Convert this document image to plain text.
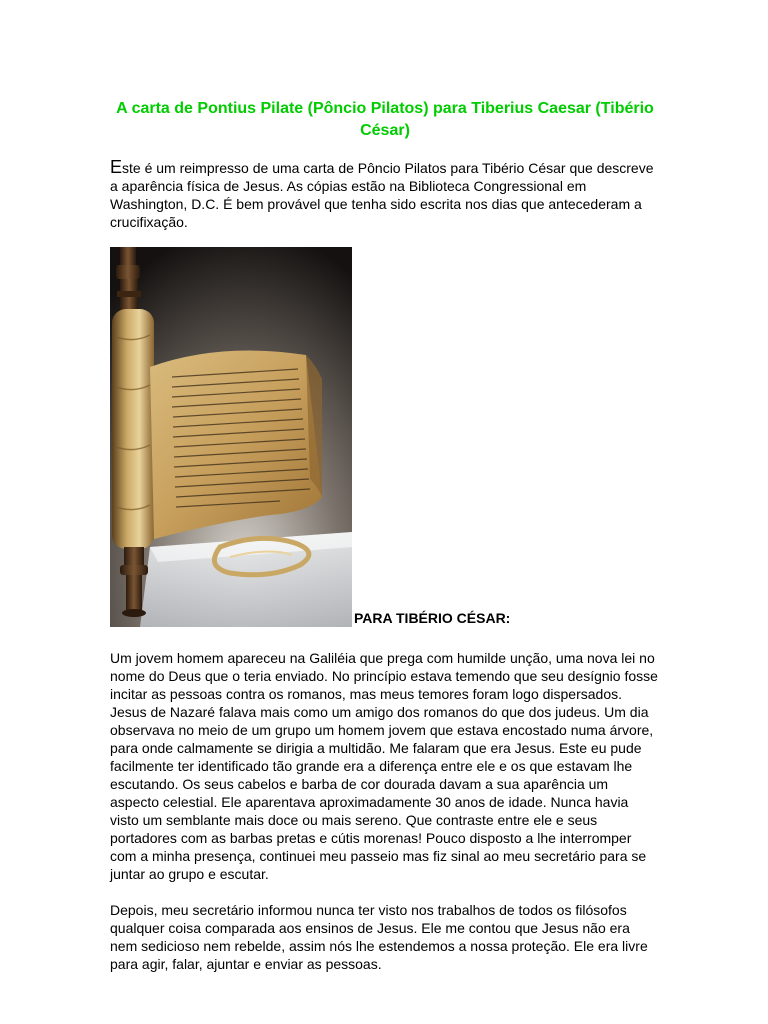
A carta de Pontius Pilate (Pôncio Pilatos) para Tiberius Caesar (Tibério César)

Este é um reimpresso de uma carta de Pôncio Pilatos para Tibério César que descreve a aparência física de Jesus. As cópias estão na Biblioteca Congressional em Washington, D.C. É bem provável que tenha sido escrita nos dias que antecederam a crucifixação.

PARA TIBÉRIO CÉSAR:

Um jovem homem apareceu na Galiléia que prega com humilde unção, uma nova lei no nome do Deus que o teria enviado. No princípio estava temendo que seu desígnio fosse incitar as pessoas contra os romanos, mas meus temores foram logo dispersados. Jesus de Nazaré falava mais como um amigo dos romanos do que dos judeus. Um dia observava no meio de um grupo um homem jovem que estava encostado numa árvore, para onde calmamente se dirigia a multidão. Me falaram que era Jesus. Este eu pude facilmente ter identificado tão grande era a diferença entre ele e os que estavam lhe escutando. Os seus cabelos e barba de cor dourada davam a sua aparência um aspecto celestial. Ele aparentava aproximadamente 30 anos de idade. Nunca havia visto um semblante mais doce ou mais sereno. Que contraste entre ele e seus portadores com as barbas pretas e cútis morenas! Pouco disposto a lhe interromper com a minha presença, continuei meu passeio mas fiz sinal ao meu secretário para se juntar ao grupo e escutar.

Depois, meu secretário informou nunca ter visto nos trabalhos de todos os filósofos qualquer coisa comparada aos ensinos de Jesus. Ele me contou que Jesus não era nem sedicioso nem rebelde, assim nós lhe estendemos a nossa proteção. Ele era livre para agir, falar, ajuntar e enviar as pessoas.
